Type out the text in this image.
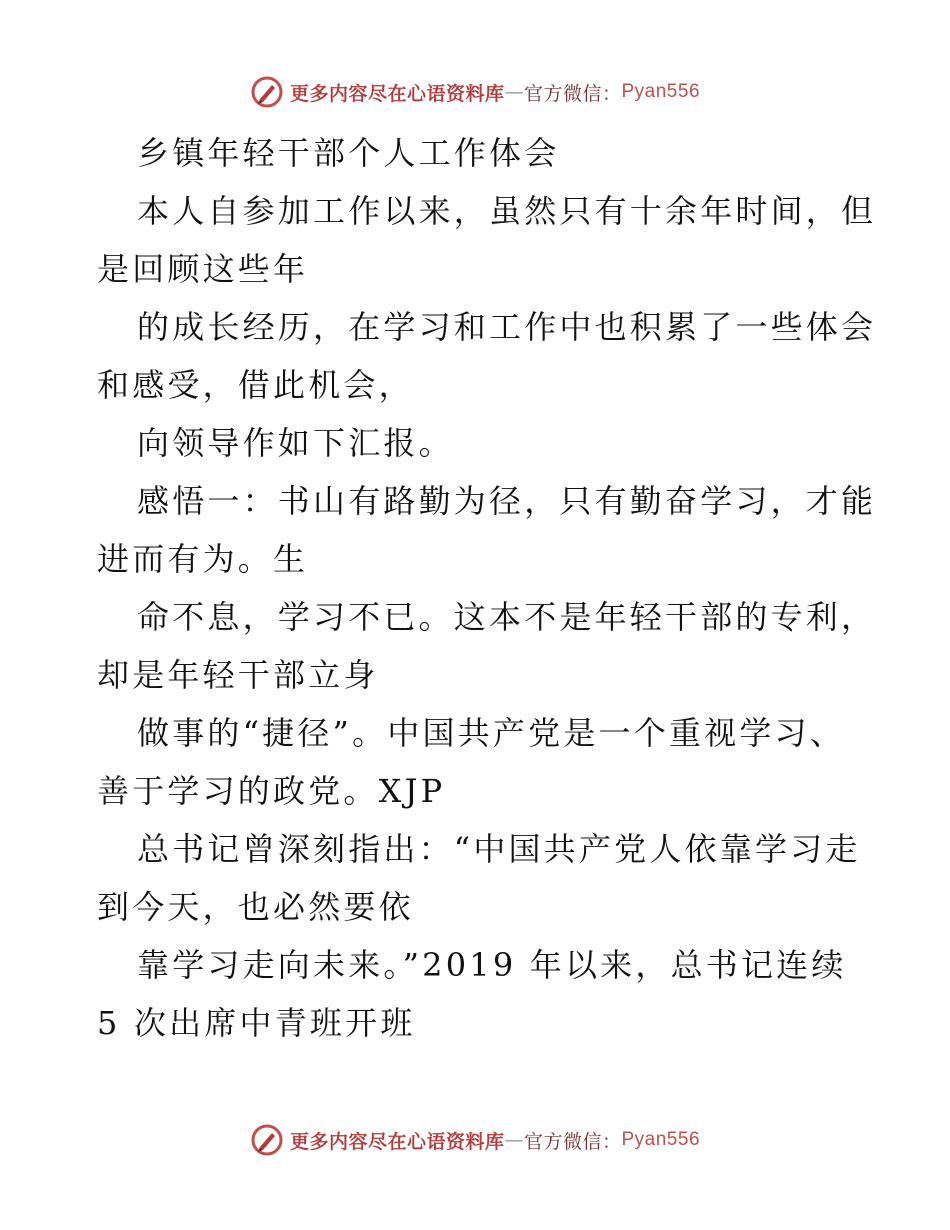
更多内容尽在心语资料库 — 官方微信： Pyan556
乡镇年轻干部个人工作体会
本人自参加工作以来，虽然只有十余年时间，但
是回顾这些年
的成长经历，在学习和工作中也积累了一些体会
和感受，借此机会，
向领导作如下汇报。
感悟一：书山有路勤为径，只有勤奋学习，才能
进而有为。生
命不息，学习不已。这本不是年轻干部的专利，
却是年轻干部立身
做事的“捷径”。中国共产党是一个重视学习、
善于学习的政党。XJP
总书记曾深刻指出：“中国共产党人依靠学习走
到今天，也必然要依
靠学习走向未来。”2019 年以来，总书记连续
5 次出席中青班开班
更多内容尽在心语资料库 — 官方微信： Pyan556
